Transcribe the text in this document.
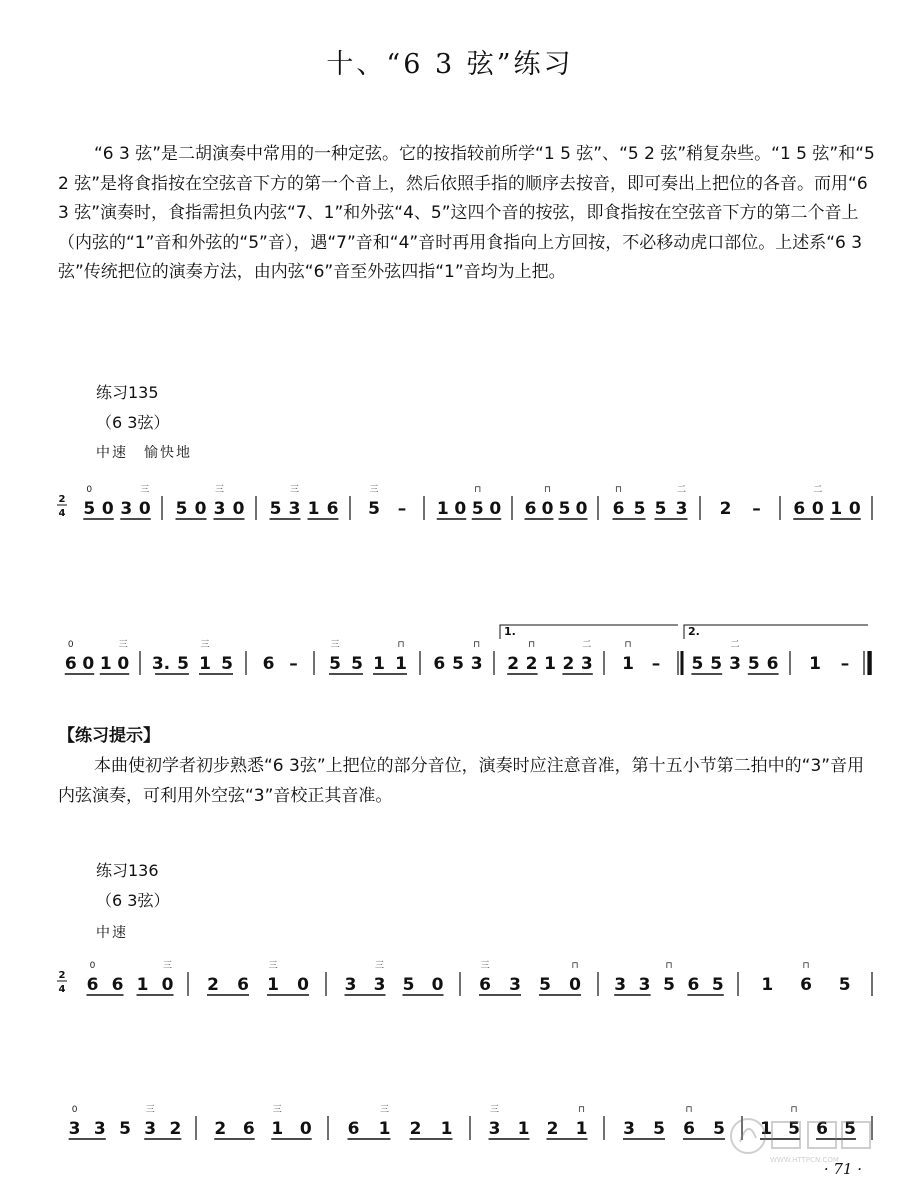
十、“6 3 弦”练习

“6 3 弦”是二胡演奏中常用的一种定弦。它的按指较前所学“1 5 弦”、“5 2 弦”稍复杂些。“1 5 弦”和“5 2 弦”是将食指按在空弦音下方的第一个音上，然后依照手指的顺序去按音，即可奏出上把位的各音。而用“6 3 弦”演奏时，食指需担负内弦“7、1”和外弦“4、5”这四个音的按弦，即食指按在空弦音下方的第二个音上（内弦的“1”音和外弦的“5”音），遇“7”音和“4”音时再用食指向上方回按，不必移动虎口部位。上述系“6 3 弦”传统把位的演奏方法，由内弦“6”音至外弦四指“1”音均为上把。

练习135
（6 3弦）
中速　愉快地
2
4 5
0
0 3 0
三
5 0 3
三
0 5 3
三
1 6 5
三
– 1 0 5
⊓
0 6 0
⊓
5 0 6
⊓
5 5 3
二
2 – 6 0
二
1 0
6
0
0 1 0
三
3. 5 1
三
5 6 – 5
三
5 1 1
⊓
6 5 3
⊓
2 2
⊓
1 2 3
二
1
⊓
– 5 5 3
二
5 6 1 –
1.	2.
【练习提示】

本曲使初学者初步熟悉“6 3弦”上把位的部分音位，演奏时应注意音准，第十五小节第二拍中的“3”音用内弦演奏，可利用外空弦“3”音校正其音准。

练习136
（6 3弦）
中速
2
4 6
0
6 1 0
三
2 6 1
三
0 3 3
三
5 0 6
三
3 5 0
⊓
3 3 5
⊓
6 5 1 6
⊓
5
3
0
3 5 3
三
2 2 6 1
三
0 6 1
三
2 1 3
三
1 2 1
⊓
3 5 6
⊓
5 1 5
⊓
6 5
· 71 ·
WWW.HTTPCN.COM
